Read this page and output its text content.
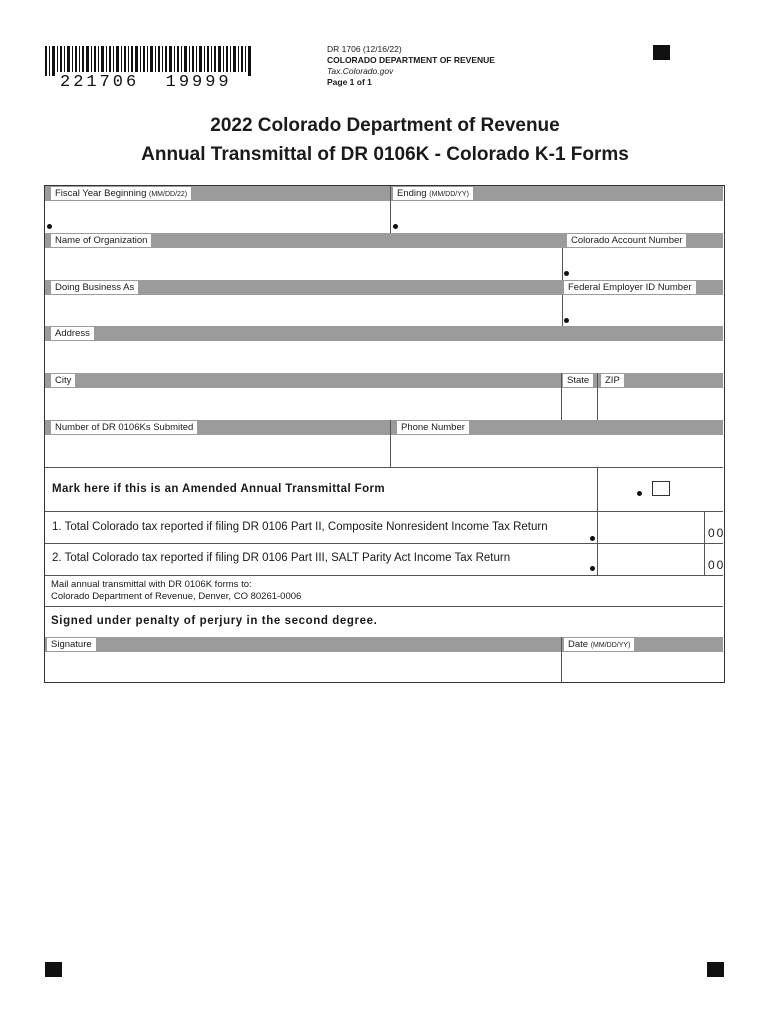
221706  19999
DR 1706 (12/16/22)
COLORADO DEPARTMENT OF REVENUE
Tax.Colorado.gov
Page 1 of 1
2022 Colorado Department of Revenue
Annual Transmittal of DR 0106K - Colorado K-1 Forms
Fiscal Year Beginning (MM/DD/22)	Ending (MM/DD/YY)
Name of Organization	Colorado Account Number
Doing Business As	Federal Employer ID Number
Address
City	State	ZIP
Number of DR 0106Ks Submited	Phone Number
Mark here if this is an Amended Annual Transmittal Form
1. Total Colorado tax reported if filing DR 0106 Part II, Composite Nonresident Income Tax Return	00
2. Total Colorado tax reported if filing DR 0106 Part III, SALT Parity Act Income Tax Return	00
Mail annual transmittal with DR 0106K forms to:
Colorado Department of Revenue, Denver, CO 80261-0006
Signed under penalty of perjury in the second degree.
Signature	Date (MM/DD/YY)
